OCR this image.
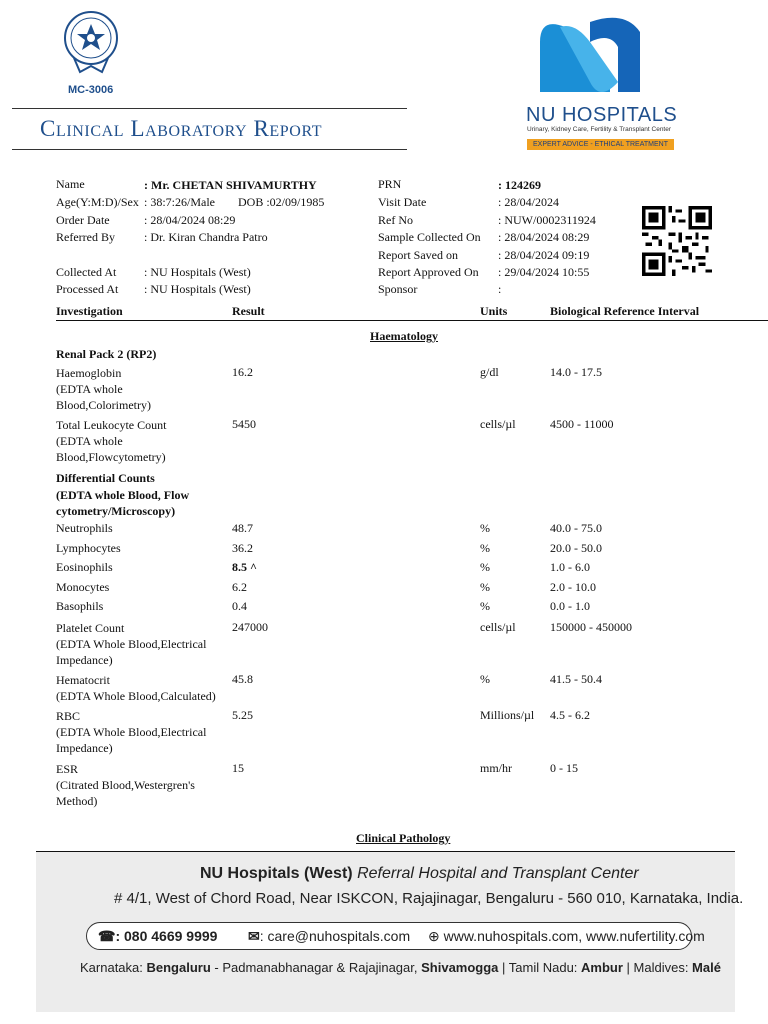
MC-3006
Clinical Laboratory Report
NU HOSPITALS
Urinary, Kidney Care, Fertility & Transplant Center
EXPERT ADVICE - ETHICAL TREATMENT
Name	: Mr. CHETAN SHIVAMURTHY
Age(Y:M:D)/Sex : 38:7:26/Male DOB :02/09/1985
Order Date	: 28/04/2024 08:29
Referred By : Dr. Kiran Chandra Patro
Collected At : NU Hospitals (West)
Processed At : NU Hospitals (West)
PRN	: 124269
Visit Date	: 28/04/2024
Ref No	: NUW/0002311924
Sample Collected On : 28/04/2024 08:29
Report Saved on	: 28/04/2024 09:19
Report Approved On : 29/04/2024 10:55
Sponsor	:
Investigation	Result	Units	Biological Reference Interval
Haematology
Renal Pack 2 (RP2)
Haemoglobin
(EDTA whole
Blood,Colorimetry)
16.2	g/dl	14.0 - 17.5
Total Leukocyte Count
(EDTA whole
Blood,Flowcytometry)
5450	cells/µl	4500 - 11000
Differential Counts
(EDTA whole Blood, Flow
cytometry/Microscopy)
Neutrophils	48.7	%	40.0 - 75.0
Lymphocytes	36.2	%	20.0 - 50.0
Eosinophils	8.5 ^	%	1.0 - 6.0
Monocytes	6.2	%	2.0 - 10.0
Basophils	0.4	%	0.0 - 1.0
Platelet Count
(EDTA Whole Blood,Electrical
Impedance)
247000	cells/µl	150000 - 450000
Hematocrit
(EDTA Whole Blood,Calculated)
45.8	%	41.5 - 50.4
RBC
(EDTA Whole Blood,Electrical
Impedance)
5.25	Millions/µl 4.5 - 6.2
ESR
(Citrated Blood,Westergren's
Method)
15	mm/hr	0 - 15
Clinical Pathology
NU Hospitals (West) Referral Hospital and Transplant Center
# 4/1, West of Chord Road, Near ISKCON, Rajajinagar, Bengaluru - 560 010, Karnataka, India.
☎: 080 4669 9999 ✉: care@nuhospitals.com ⊕ www.nuhospitals.com, www.nufertility.com
Karnataka: Bengaluru - Padmanabhanagar & Rajajinagar, Shivamogga | Tamil Nadu: Ambur | Maldives: Malé
